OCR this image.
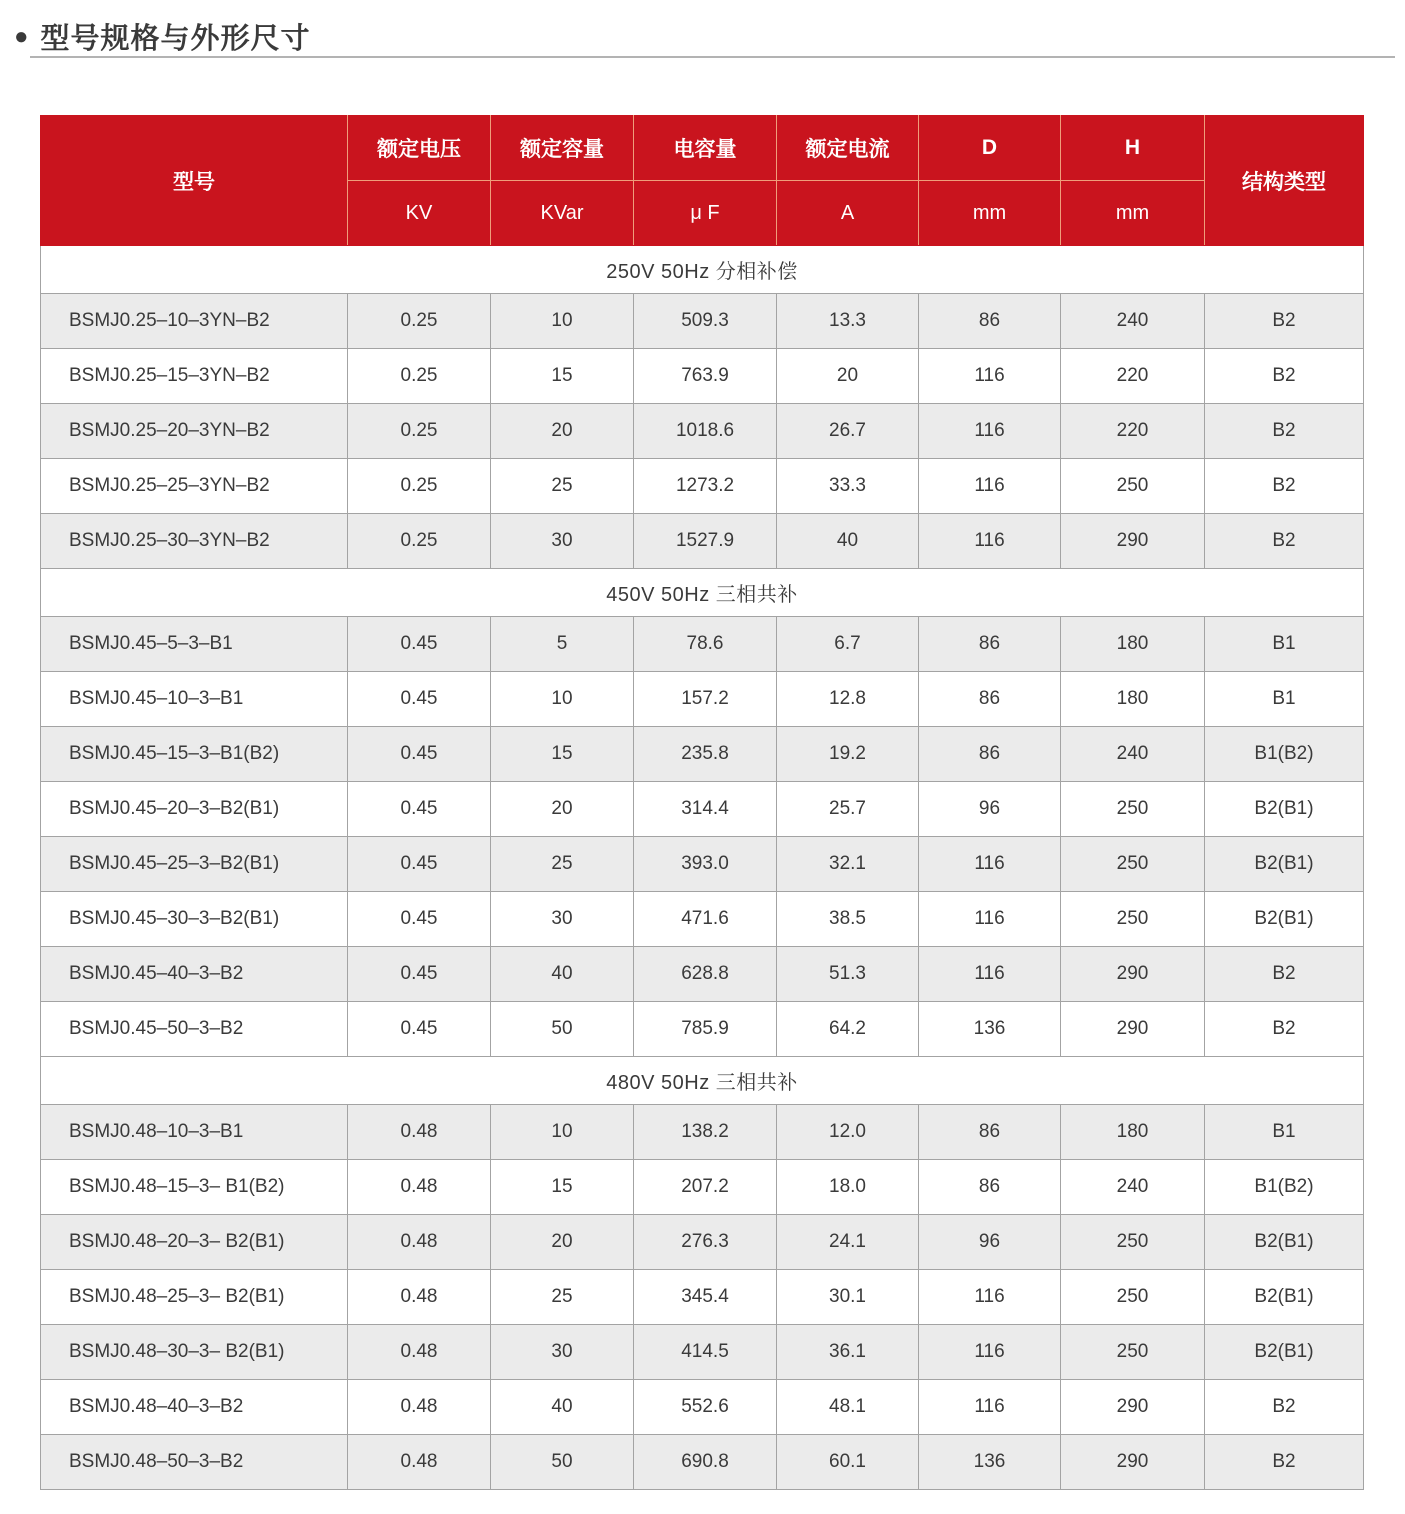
● 型号规格与外形尺寸
型号	额定电压	额定容量	电容量	额定电流	D	H	结构类型
	KV	KVar	μ F	A	mm	mm	
250V 50Hz 分相补偿							
BSMJ0.25–10–3YN–B2	0.25	10	509.3	13.3	86	240	B2
BSMJ0.25–15–3YN–B2	0.25	15	763.9	20	116	220	B2
BSMJ0.25–20–3YN–B2	0.25	20	1018.6	26.7	116	220	B2
BSMJ0.25–25–3YN–B2	0.25	25	1273.2	33.3	116	250	B2
BSMJ0.25–30–3YN–B2	0.25	30	1527.9	40	116	290	B2
450V 50Hz 三相共补							
BSMJ0.45–5–3–B1	0.45	5	78.6	6.7	86	180	B1
BSMJ0.45–10–3–B1	0.45	10	157.2	12.8	86	180	B1
BSMJ0.45–15–3–B1(B2)	0.45	15	235.8	19.2	86	240	B1(B2)
BSMJ0.45–20–3–B2(B1)	0.45	20	314.4	25.7	96	250	B2(B1)
BSMJ0.45–25–3–B2(B1)	0.45	25	393.0	32.1	116	250	B2(B1)
BSMJ0.45–30–3–B2(B1)	0.45	30	471.6	38.5	116	250	B2(B1)
BSMJ0.45–40–3–B2	0.45	40	628.8	51.3	116	290	B2
BSMJ0.45–50–3–B2	0.45	50	785.9	64.2	136	290	B2
480V 50Hz 三相共补							
BSMJ0.48–10–3–B1	0.48	10	138.2	12.0	86	180	B1
BSMJ0.48–15–3– B1(B2)	0.48	15	207.2	18.0	86	240	B1(B2)
BSMJ0.48–20–3– B2(B1)	0.48	20	276.3	24.1	96	250	B2(B1)
BSMJ0.48–25–3– B2(B1)	0.48	25	345.4	30.1	116	250	B2(B1)
BSMJ0.48–30–3– B2(B1)	0.48	30	414.5	36.1	116	250	B2(B1)
BSMJ0.48–40–3–B2	0.48	40	552.6	48.1	116	290	B2
BSMJ0.48–50–3–B2	0.48	50	690.8	60.1	136	290	B2
